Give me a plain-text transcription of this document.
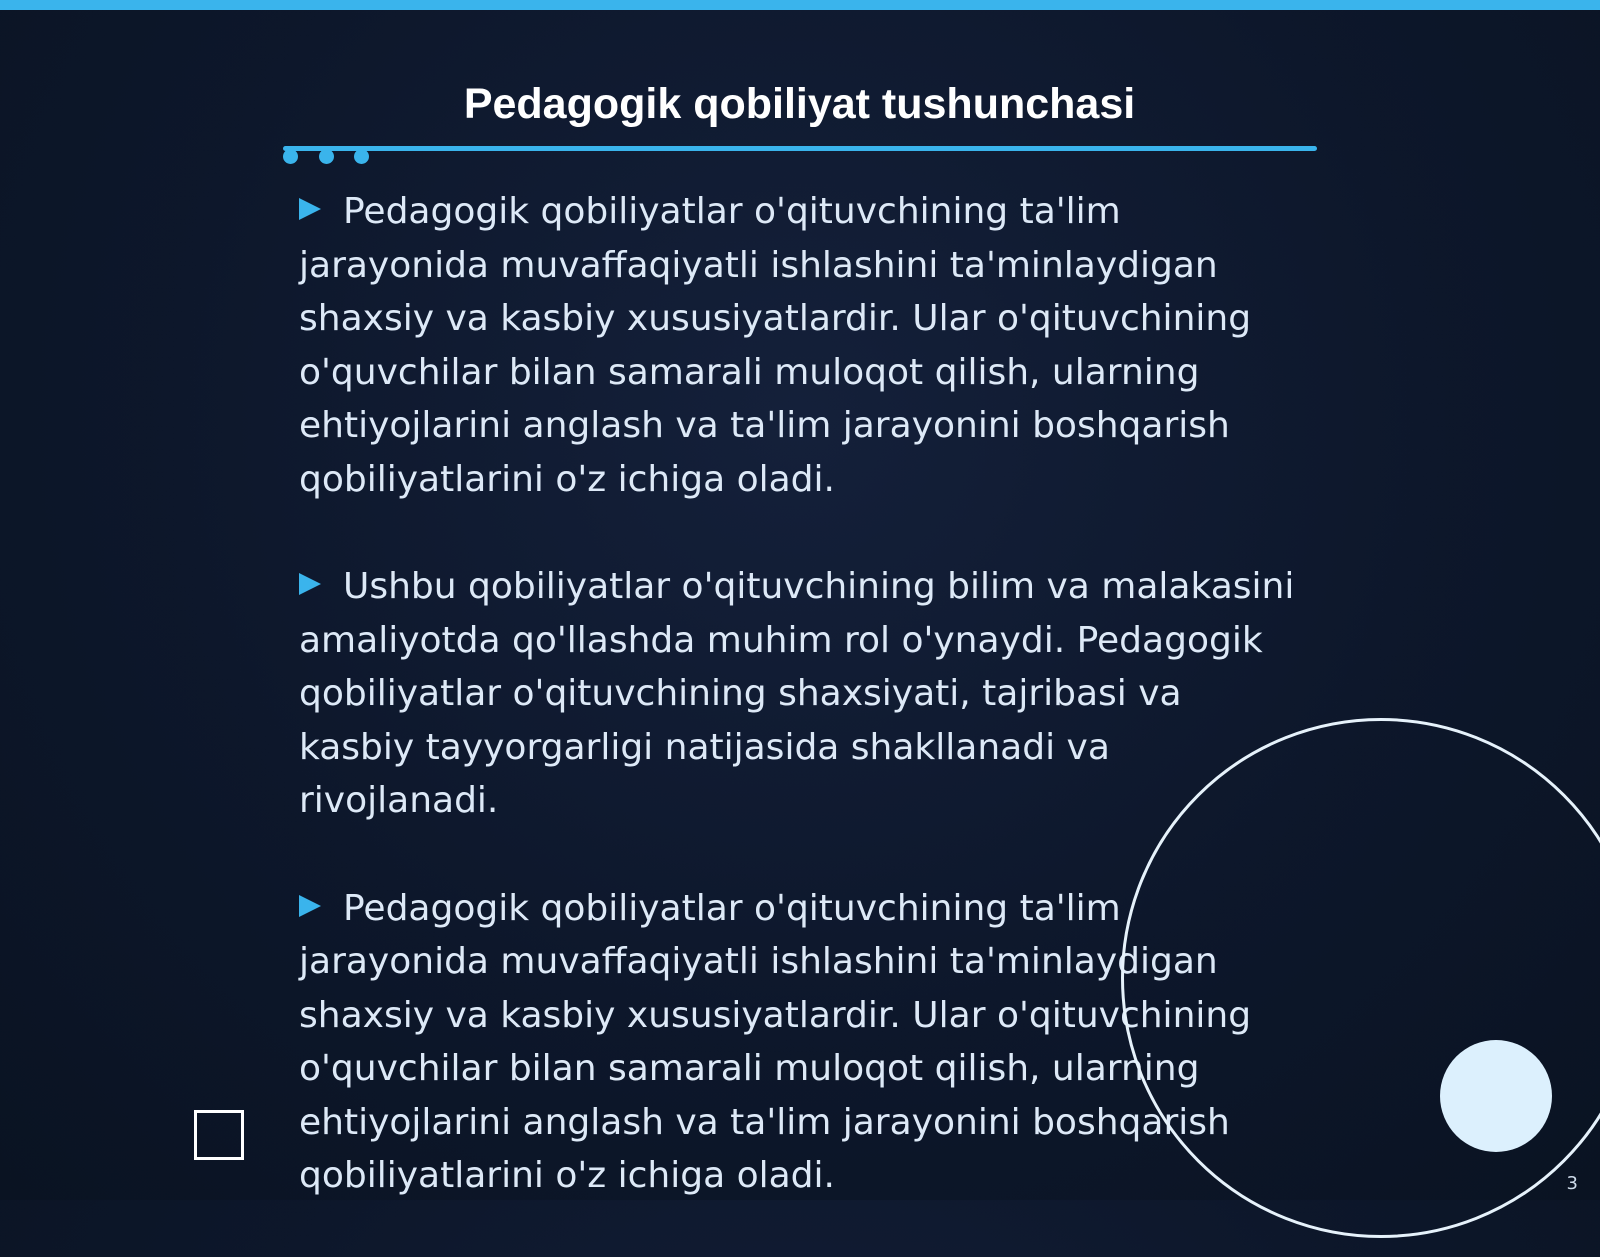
Pedagogik qobiliyat tushunchasi

Pedagogik qobiliyatlar o'qituvchining ta'lim jarayonida muvaffaqiyatli ishlashini ta'minlaydigan shaxsiy va kasbiy xususiyatlardir. Ular o'qituvchining o'quvchilar bilan samarali muloqot qilish, ularning ehtiyojlarini anglash va ta'lim jarayonini boshqarish qobiliyatlarini o'z ichiga oladi.

Ushbu qobiliyatlar o'qituvchining bilim va malakasini amaliyotda qo'llashda muhim rol o'ynaydi. Pedagogik qobiliyatlar o'qituvchining shaxsiyati, tajribasi va kasbiy tayyorgarligi natijasida shakllanadi va rivojlanadi.

Pedagogik qobiliyatlar o'qituvchining ta'lim jarayonida muvaffaqiyatli ishlashini ta'minlaydigan shaxsiy va kasbiy xususiyatlardir. Ular o'qituvchining o'quvchilar bilan samarali muloqot qilish, ularning ehtiyojlarini anglash va ta'lim jarayonini boshqarish qobiliyatlarini o'z ichiga oladi.	3
